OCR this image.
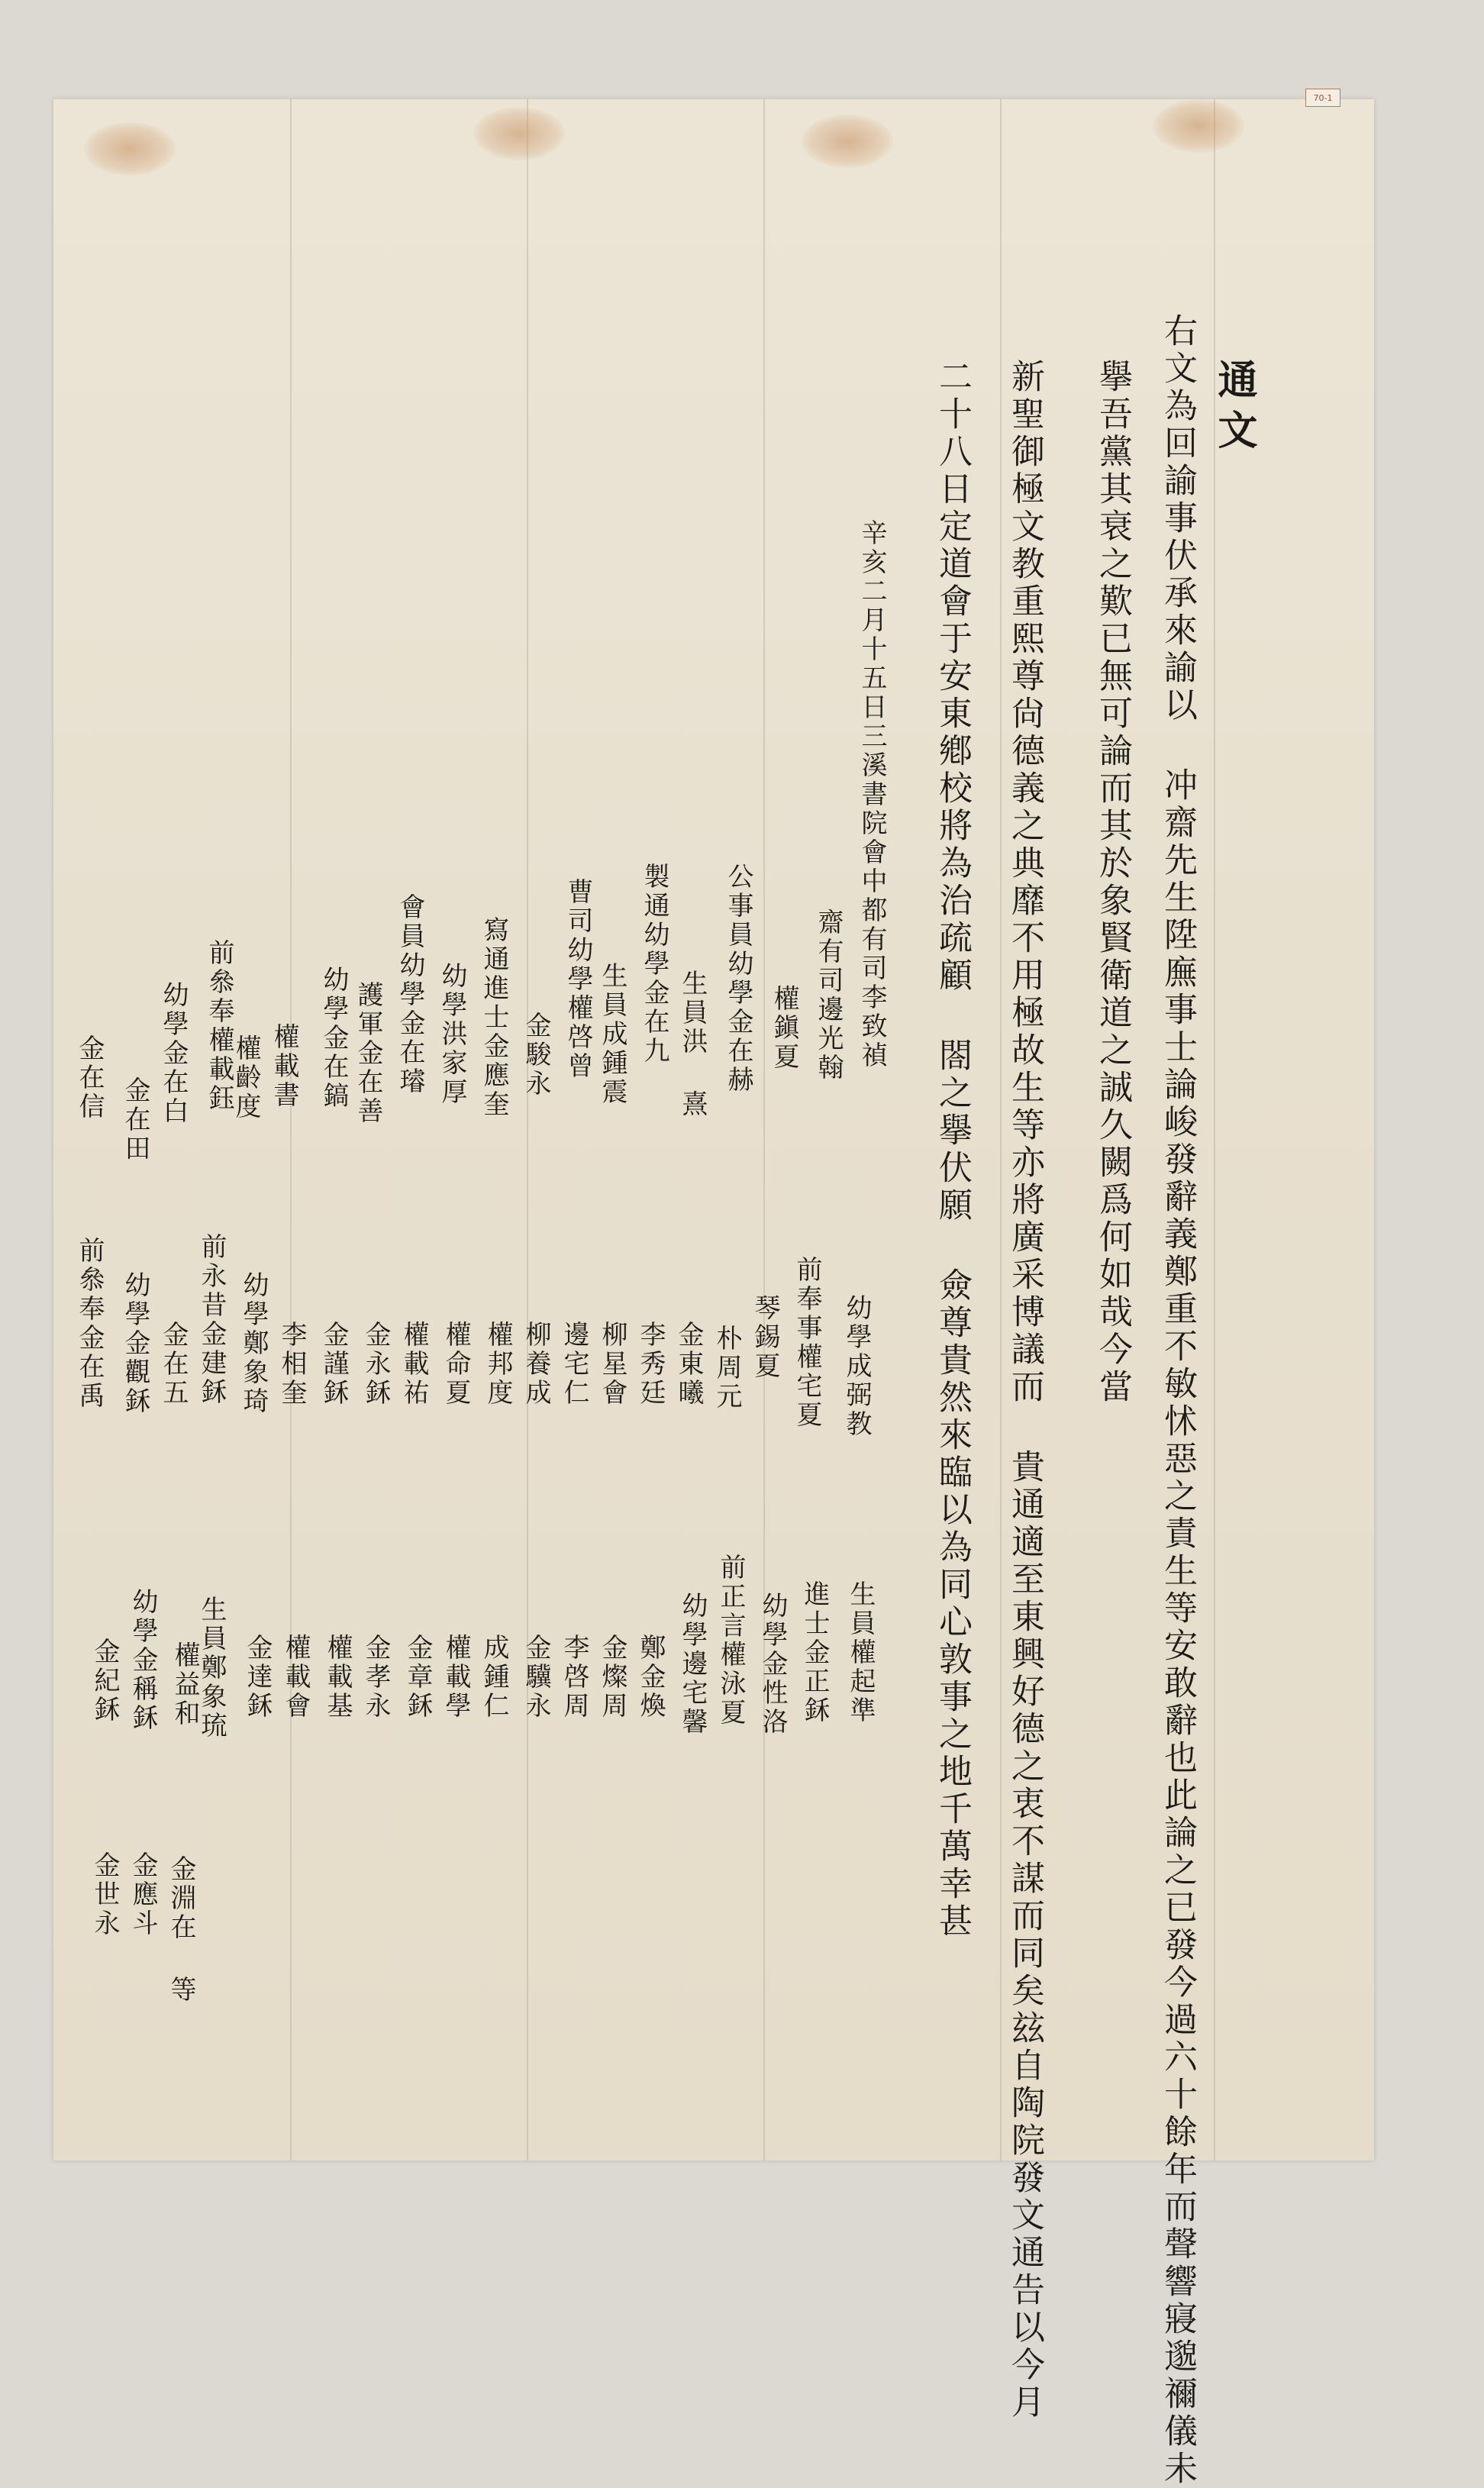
70-1
通文
右文為回諭事伏承來諭以 冲齋先生陞廡事士論峻發辭義鄭重不敏怵惡之責生等安敢辭也此論之已發今過六十餘年而聲響寢邈禰儀未
擧吾黨其衰之歎已無可論而其於象賢衛道之誠久闕爲何如哉今當
新聖御極文教重熙尊尙德義之典靡不用極故生等亦將廣采博議而 貴通適至東興好德之衷不謀而同矣玆自陶院發文通告以今月
二十八日定道會于安東鄕校將為治疏顧 閤之擧伏願 僉尊貴然來臨以為同心敦事之地千萬幸甚
辛亥二月十五日三溪書院會中都有司李致禎
齋有司邊光翰
權鎭夏
公事員幼學金在赫
生員洪 熹
製通幼學金在九
生員成鍾震
曹司幼學權啓曾
金駿永
寫通進士金應奎
幼學洪家厚
會員幼學金在璿
護軍金在善
幼學金在鎬
權載書
前叅奉權載鈺
權齡度
幼學金在白
金在田
金在信
幼學成弼教
前奉事權宅夏
琴錫夏
朴周元
金東曦
李秀廷
柳星會
邊宅仁
柳養成
權邦度
權命夏
權載祐
金永鉌
金謹鉌
李相奎
幼學鄭象琦
前永昔金建鉌
金在五
幼學金觀鉌
前叅奉金在禹
生員權起準
進士金正鉌
幼學金性洛
前正言權泳夏
幼學邊宅馨
鄭金煥
金燦周
李啓周
金驥永
成鍾仁
權載學
金章鉌
金孝永
權載基
權載會
金達鉌
生員鄭象琉
權益和
幼學金稱鉌
金紀鉌
金淵在 等
金應斗
金世永
